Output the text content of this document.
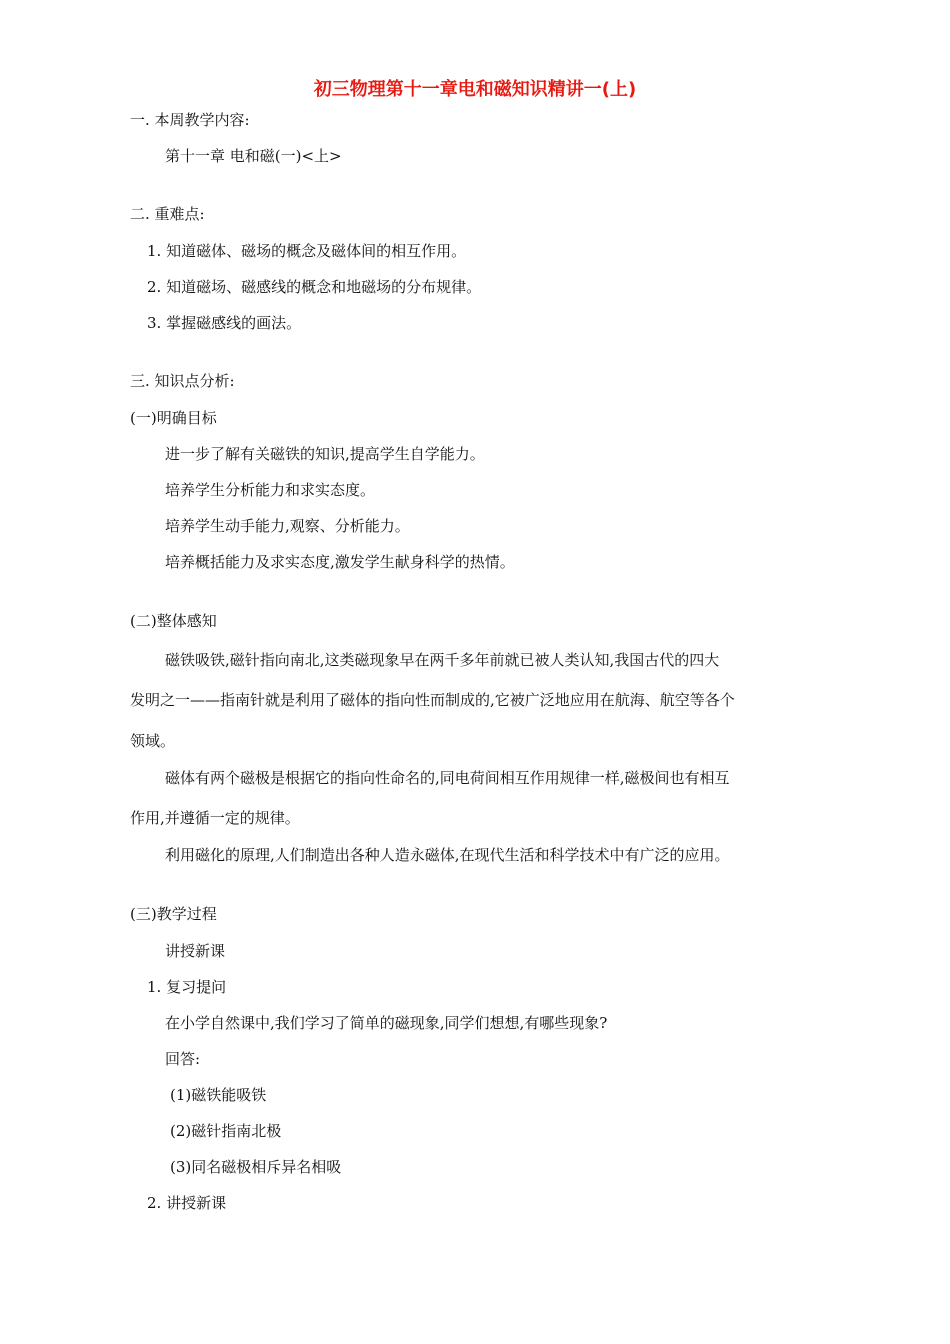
初三物理第十一章电和磁知识精讲一(上)
一. 本周教学内容:
第十一章 电和磁(一)<上>
二. 重难点:
1. 知道磁体、磁场的概念及磁体间的相互作用。
2. 知道磁场、磁感线的概念和地磁场的分布规律。
3. 掌握磁感线的画法。
三. 知识点分析:
(一)明确目标
进一步了解有关磁铁的知识,提高学生自学能力。
培养学生分析能力和求实态度。
培养学生动手能力,观察、分析能力。
培养概括能力及求实态度,激发学生献身科学的热情。
(二)整体感知
磁铁吸铁,磁针指向南北,这类磁现象早在两千多年前就已被人类认知,我国古代的四大
发明之一——指南针就是利用了磁体的指向性而制成的,它被广泛地应用在航海、航空等各个
领域。
磁体有两个磁极是根据它的指向性命名的,同电荷间相互作用规律一样,磁极间也有相互
作用,并遵循一定的规律。
利用磁化的原理,人们制造出各种人造永磁体,在现代生活和科学技术中有广泛的应用。
(三)教学过程
讲授新课
1. 复习提问
在小学自然课中,我们学习了简单的磁现象,同学们想想,有哪些现象?
回答:
(1)磁铁能吸铁
(2)磁针指南北极
(3)同名磁极相斥异名相吸
2. 讲授新课
